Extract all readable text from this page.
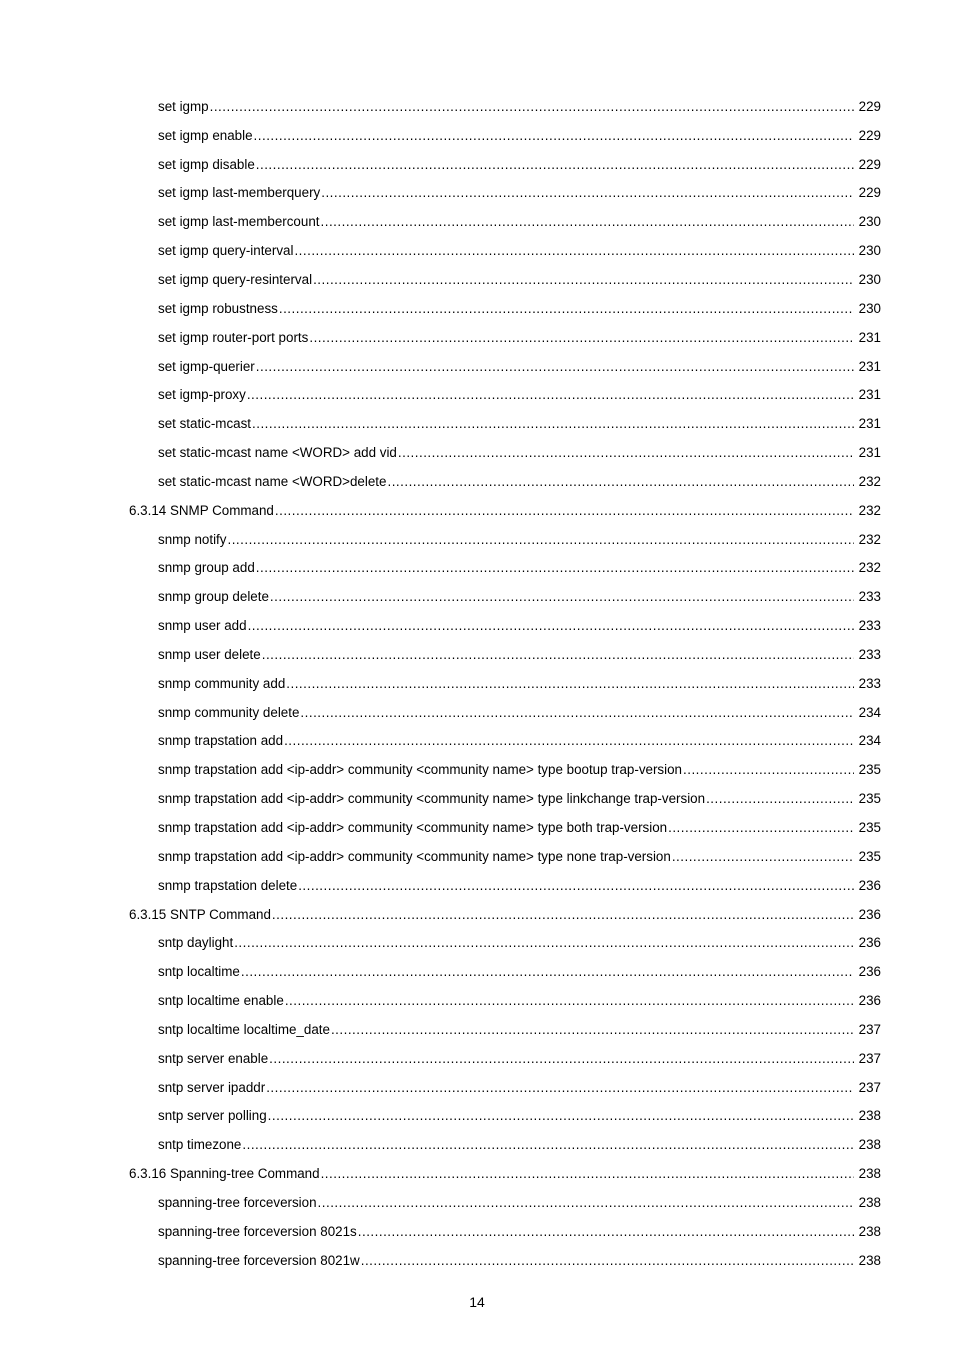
set igmp .....	229
set igmp enable .....	229
set igmp disable .....	229
set igmp last-memberquery .....	229
set igmp last-membercount .....	230
set igmp query-interval .....	230
set igmp query-resinterval .....	230
set igmp robustness .....	230
set igmp router-port ports .....	231
set igmp-querier .....	231
set igmp-proxy .....	231
set static-mcast .....	231
set static-mcast name <WORD> add vid .....	231
set static-mcast name <WORD>delete .....	232
6.3.14 SNMP Command .....	232
snmp notify .....	232
snmp group add .....	232
snmp group delete .....	233
snmp user add .....	233
snmp user delete .....	233
snmp community add .....	233
snmp community delete .....	234
snmp trapstation add .....	234
snmp trapstation add <ip-addr> community <community name> type bootup trap-version .....	235
snmp trapstation add <ip-addr> community <community name> type linkchange trap-version .....	235
snmp trapstation add <ip-addr> community <community name> type both trap-version .....	235
snmp trapstation add <ip-addr> community <community name> type none trap-version .....	235
snmp trapstation delete .....	236
6.3.15 SNTP Command .....	236
sntp daylight .....	236
sntp localtime .....	236
sntp localtime enable .....	236
sntp localtime localtime_date .....	237
sntp server enable .....	237
sntp server ipaddr .....	237
sntp server polling .....	238
sntp timezone .....	238
6.3.16 Spanning-tree Command .....	238
spanning-tree forceversion .....	238
spanning-tree forceversion 8021s .....	238
spanning-tree forceversion 8021w .....	238
14
